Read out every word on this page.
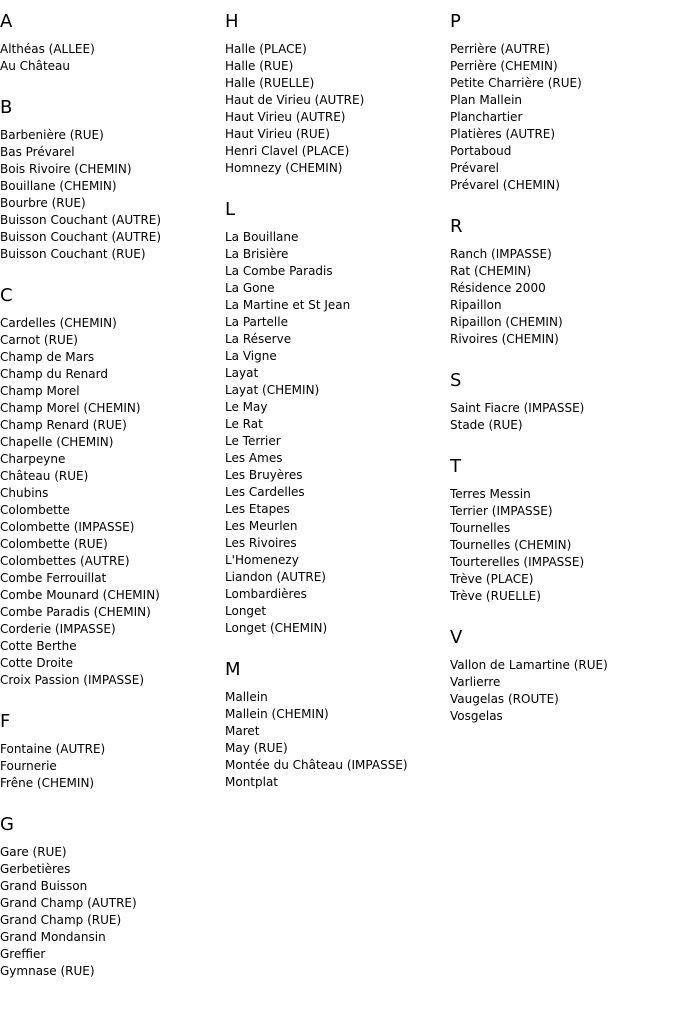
A
Althéas (ALLEE)
Au Château
B
Barbenière (RUE)
Bas Prévarel
Bois Rivoire (CHEMIN)
Bouillane (CHEMIN)
Bourbre (RUE)
Buisson Couchant (AUTRE)
Buisson Couchant (AUTRE)
Buisson Couchant (RUE)
C
Cardelles (CHEMIN)
Carnot (RUE)
Champ de Mars
Champ du Renard
Champ Morel
Champ Morel (CHEMIN)
Champ Renard (RUE)
Chapelle (CHEMIN)
Charpeyne
Château (RUE)
Chubins
Colombette
Colombette (IMPASSE)
Colombette (RUE)
Colombettes (AUTRE)
Combe Ferrouillat
Combe Mounard (CHEMIN)
Combe Paradis (CHEMIN)
Corderie (IMPASSE)
Cotte Berthe
Cotte Droite
Croix Passion (IMPASSE)
F
Fontaine (AUTRE)
Fournerie
Frêne (CHEMIN)
G
Gare (RUE)
Gerbetières
Grand Buisson
Grand Champ (AUTRE)
Grand Champ (RUE)
Grand Mondansin
Greffier
Gymnase (RUE)
H
Halle (PLACE)
Halle (RUE)
Halle (RUELLE)
Haut de Virieu (AUTRE)
Haut Virieu (AUTRE)
Haut Virieu (RUE)
Henri Clavel (PLACE)
Homnezy (CHEMIN)
L
La Bouillane
La Brisière
La Combe Paradis
La Gone
La Martine et St Jean
La Partelle
La Réserve
La Vigne
Layat
Layat (CHEMIN)
Le May
Le Rat
Le Terrier
Les Ames
Les Bruyères
Les Cardelles
Les Etapes
Les Meurlen
Les Rivoires
L'Homenezy
Liandon (AUTRE)
Lombardières
Longet
Longet (CHEMIN)
M
Mallein
Mallein (CHEMIN)
Maret
May (RUE)
Montée du Château (IMPASSE)
Montplat
P
Perrière (AUTRE)
Perrière (CHEMIN)
Petite Charrière (RUE)
Plan Mallein
Planchartier
Platières (AUTRE)
Portaboud
Prévarel
Prévarel (CHEMIN)
R
Ranch (IMPASSE)
Rat (CHEMIN)
Résidence 2000
Ripaillon
Ripaillon (CHEMIN)
Rivoires (CHEMIN)
S
Saint Fiacre (IMPASSE)
Stade (RUE)
T
Terres Messin
Terrier (IMPASSE)
Tournelles
Tournelles (CHEMIN)
Tourterelles (IMPASSE)
Trève (PLACE)
Trève (RUELLE)
V
Vallon de Lamartine (RUE)
Varlierre
Vaugelas (ROUTE)
Vosgelas
